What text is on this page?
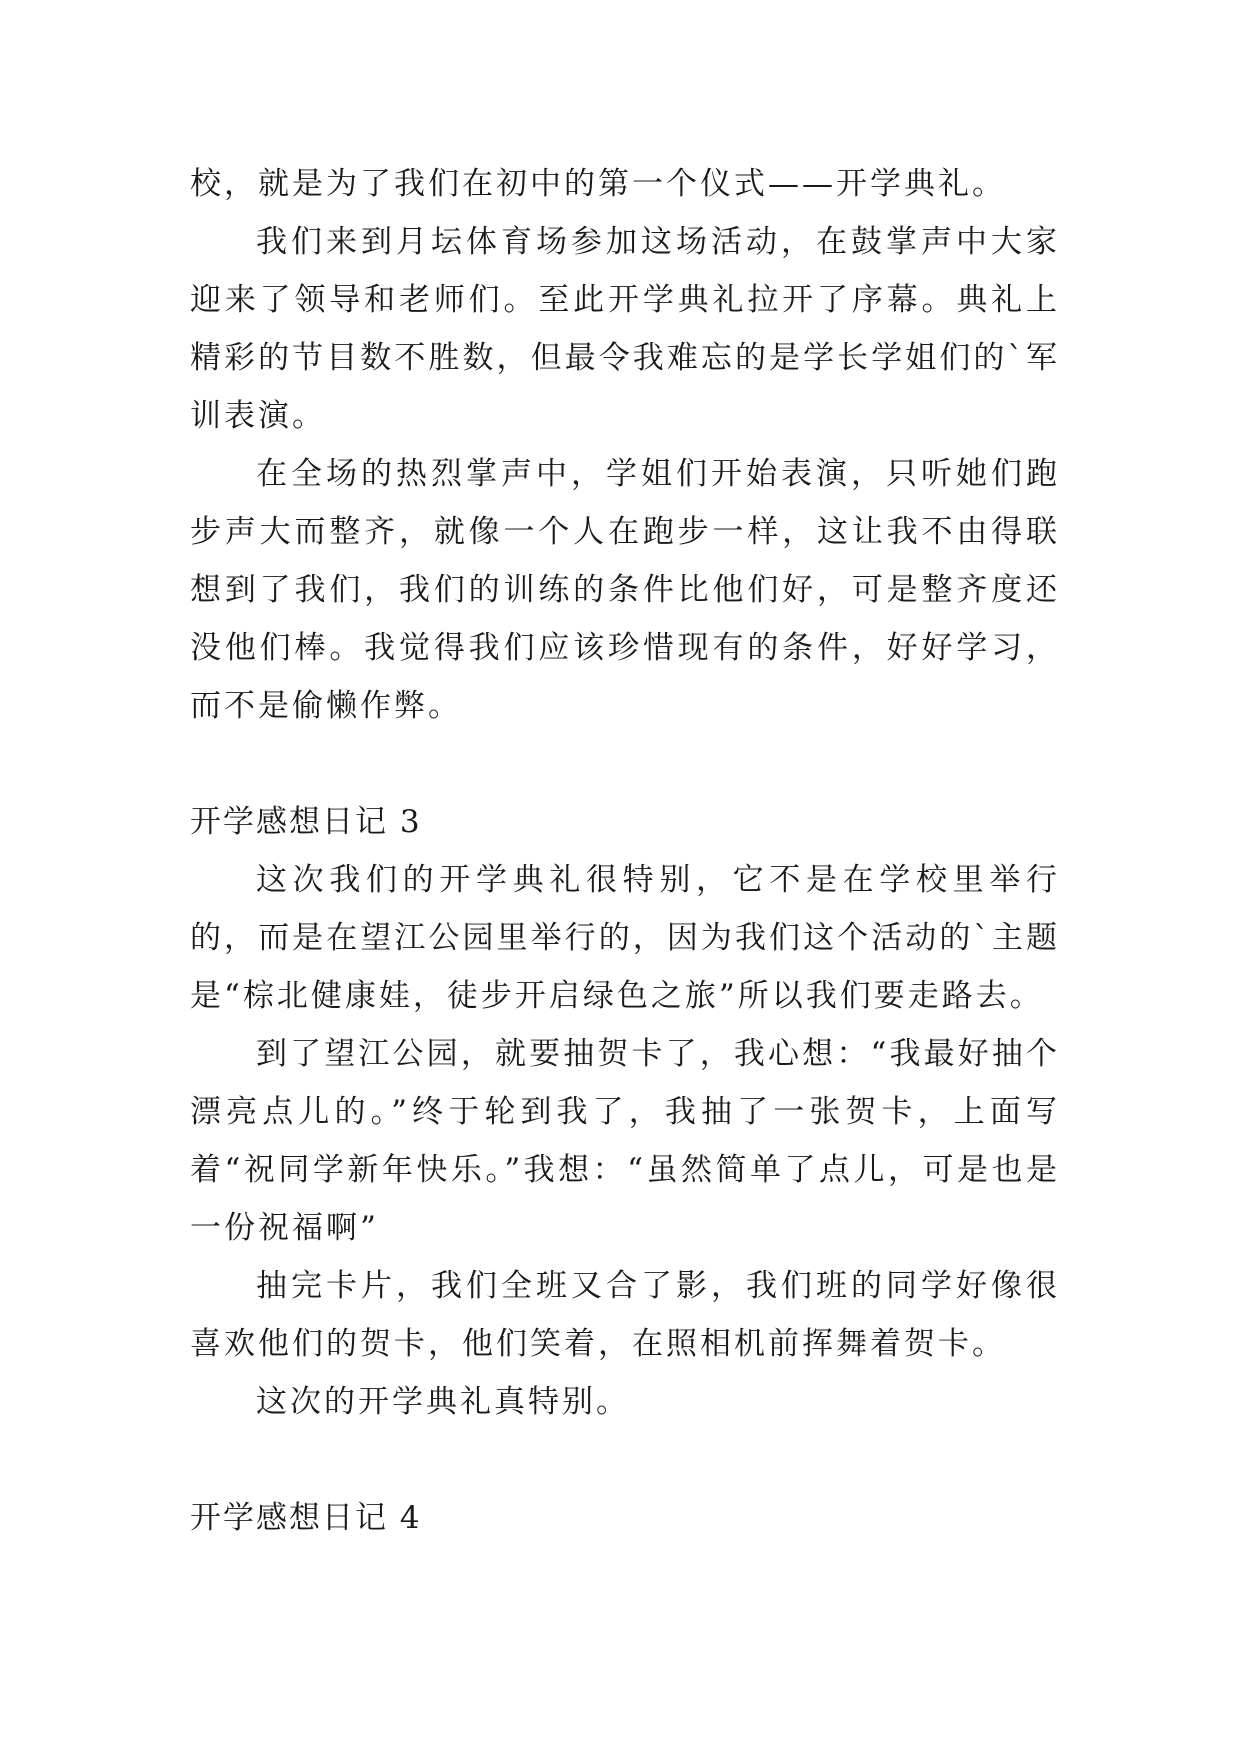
校，就是为了我们在初中的第一个仪式——开学典礼。

我们来到月坛体育场参加这场活动，在鼓掌声中大家迎来了领导和老师们。至此开学典礼拉开了序幕。典礼上精彩的节目数不胜数，但最令我难忘的是学长学姐们的`军训表演。

在全场的热烈掌声中，学姐们开始表演，只听她们跑步声大而整齐，就像一个人在跑步一样，这让我不由得联想到了我们，我们的训练的条件比他们好，可是整齐度还没他们棒。我觉得我们应该珍惜现有的条件，好好学习，而不是偷懒作弊。

开学感想日记 3

这次我们的开学典礼很特别，它不是在学校里举行的，而是在望江公园里举行的，因为我们这个活动的`主题是“棕北健康娃，徒步开启绿色之旅”所以我们要走路去。

到了望江公园，就要抽贺卡了，我心想：“我最好抽个漂亮点儿的。”终于轮到我了，我抽了一张贺卡，上面写着“祝同学新年快乐。”我想：“虽然简单了点儿，可是也是一份祝福啊”

抽完卡片，我们全班又合了影，我们班的同学好像很喜欢他们的贺卡，他们笑着，在照相机前挥舞着贺卡。

这次的开学典礼真特别。

开学感想日记 4
